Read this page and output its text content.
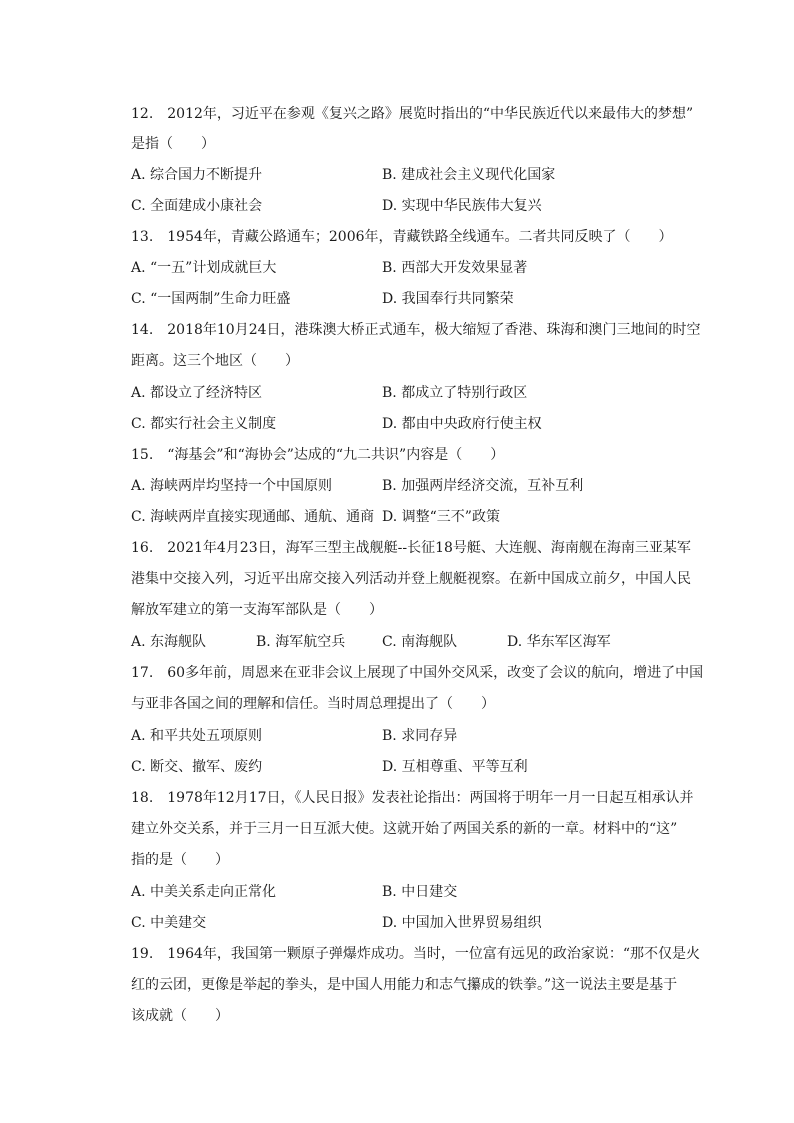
12.　2012年，习近平在参观《复兴之路》展览时指出的“中华民族近代以来最伟大的梦想”
是指（　　）
A. 综合国力不断提升	B. 建成社会主义现代化国家
C. 全面建成小康社会	D. 实现中华民族伟大复兴
13.　1954年，青藏公路通车；2006年，青藏铁路全线通车。二者共同反映了（　　）
A. “一五”计划成就巨大	B. 西部大开发效果显著
C. “一国两制”生命力旺盛	D. 我国奉行共同繁荣
14.　2018年10月24日，港珠澳大桥正式通车，极大缩短了香港、珠海和澳门三地间的时空
距离。这三个地区（　　）
A. 都设立了经济特区	B. 都成立了特别行政区
C. 都实行社会主义制度	D. 都由中央政府行使主权
15.　“海基会”和“海协会”达成的“九二共识”内容是（　　）
A. 海峡两岸均坚持一个中国原则	B. 加强两岸经济交流，互补互利
C. 海峡两岸直接实现通邮、通航、通商 D. 调整“三不”政策
16.　2021年4月23日，海军三型主战舰艇--长征18号艇、大连舰、海南舰在海南三亚某军
港集中交接入列，习近平出席交接入列活动并登上舰艇视察。在新中国成立前夕，中国人民
解放军建立的第一支海军部队是（　　）
A. 东海舰队	B. 海军航空兵	C. 南海舰队	D. 华东军区海军
17.　60多年前，周恩来在亚非会议上展现了中国外交风采，改变了会议的航向，增进了中国
与亚非各国之间的理解和信任。当时周总理提出了（　　）
A. 和平共处五项原则	B. 求同存异
C. 断交、撤军、废约	D. 互相尊重、平等互利
18.　1978年12月17日，《人民日报》发表社论指出：两国将于明年一月一日起互相承认并
建立外交关系，并于三月一日互派大使。这就开始了两国关系的新的一章。材料中的“这”
指的是（　　）
A. 中美关系走向正常化	B. 中日建交
C. 中美建交	D. 中国加入世界贸易组织
19.　1964年，我国第一颗原子弹爆炸成功。当时，一位富有远见的政治家说：“那不仅是火
红的云团，更像是举起的拳头，是中国人用能力和志气攥成的铁拳。”这一说法主要是基于
该成就（　　）
